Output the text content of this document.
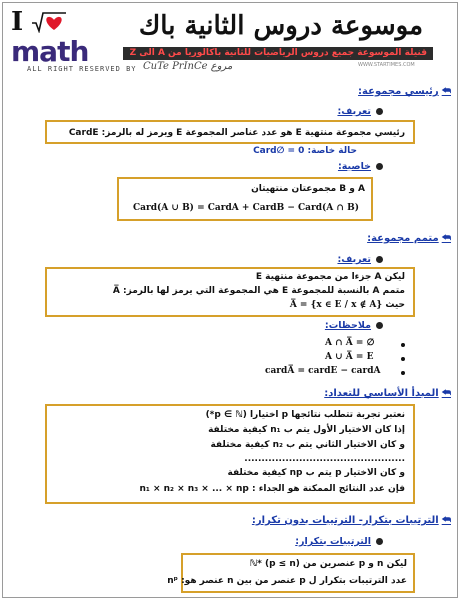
I
math
موسوعة دروس الثانية باك
قنيلة الموسوعة جميع دروس الرياضيات للثانية باكالوريا من A الى Z
ALL RIGHT RESERVED BY CuTe PrInCe مروع	WWW.STARTIMES.COM
⮪رئيسي مجموعة:
تعريف:
رئيسي مجموعة منتهية E هو عدد عناصر المجموعة E ويرمز له بالرمز: CardE
حالة خاصة: Card∅ = 0
خاصية:
A و B مجموعتان منتهيتان
Card(A ∪ B) = CardA + CardB − Card(A ∩ B)
⮪متمم مجموعة:
تعريف:
ليكن A جزءا من مجموعة منتهية E
متمم A بالنسبة للمجموعة E هي المجموعة التي يرمز لها بالرمز: A̅
حيث A̅ = {x ∈ E / x ∉ A}
ملاحظات:
A ∩ A̅ = ∅
A ∪ A̅ = E
cardA̅ = cardE − cardA
⮪المبدأ الأساسي للتعداد:
نعتبر تجربة تتطلب نتائجها p اختيارا (p ∈ ℕ*)
إذا كان الاختيار الأول يتم ب n₁ كيفية مختلفة
و كان الاختيار الثاني يتم ب n₂ كيفية مختلفة
...............................................
و كان الاختيار p يتم ب np كيفية مختلفة
فإن عدد النتائج الممكنة هو الجداء : n₁ × n₂ × n₃ × ... × np
⮪الترتيبات بتكرار- الترتيبات بدون تكرار:
الترتيبات بتكرار:
ليكن n و p عنصرين من ℕ* (p ≤ n)
عدد الترتيبات بتكرار ل p عنصر من بين n عنصر هو: nᵖ
